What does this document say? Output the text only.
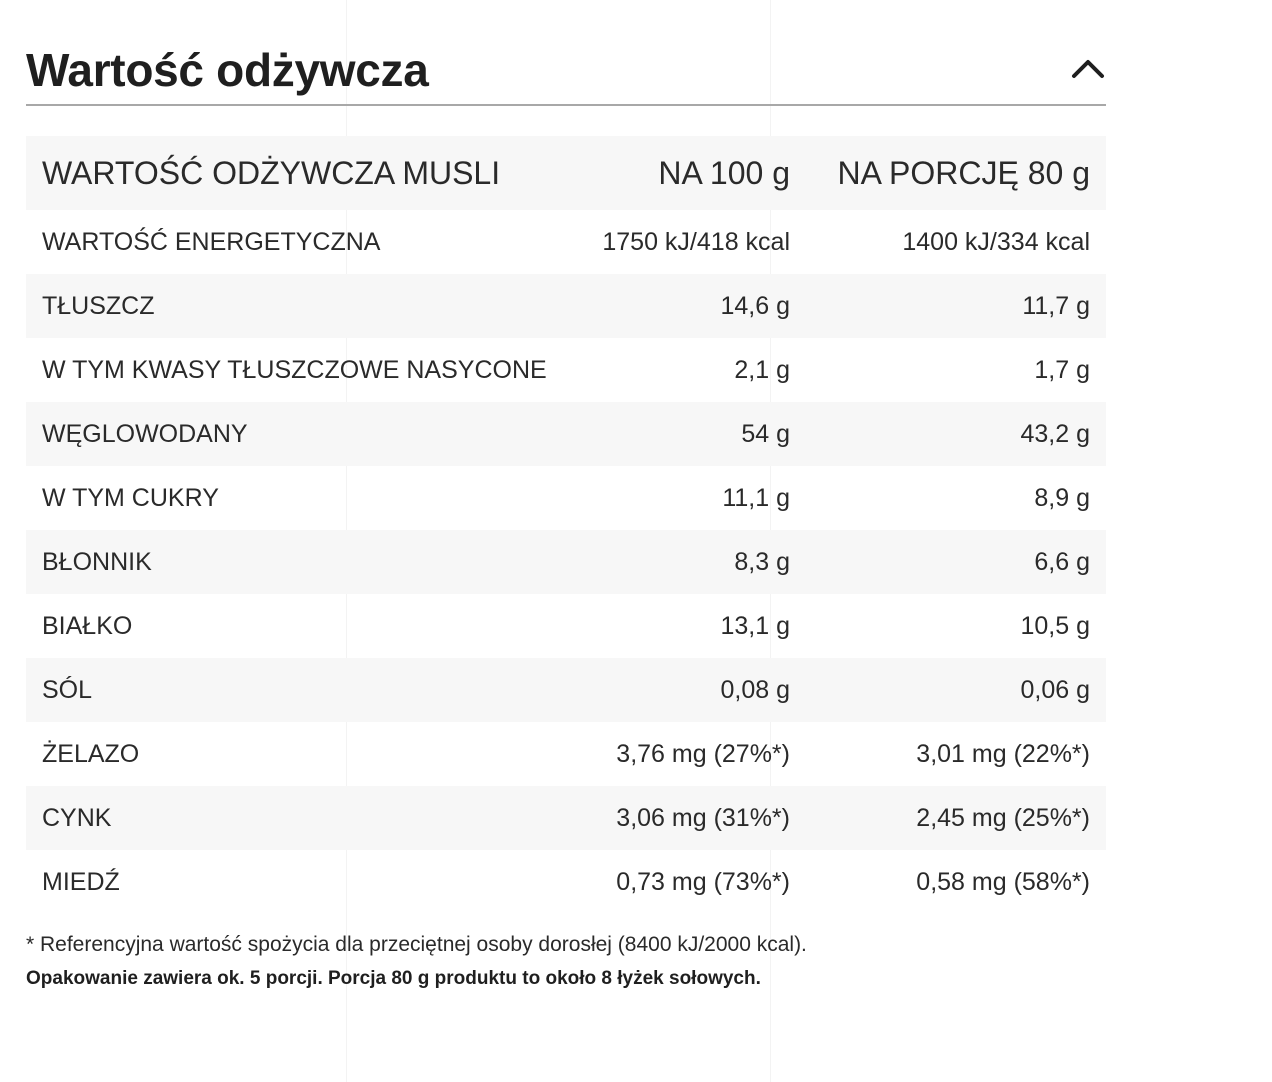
Wartość odżywcza
WARTOŚĆ ODŻYWCZA MUSLI	NA 100 g	NA PORCJĘ 80 g
WARTOŚĆ ENERGETYCZNA	1750 kJ/418 kcal	1400 kJ/334 kcal
TŁUSZCZ	14,6 g	11,7 g
W TYM KWASY TŁUSZCZOWE NASYCONE	2,1 g	1,7 g
WĘGLOWODANY	54 g	43,2 g
W TYM CUKRY	11,1 g	8,9 g
BŁONNIK	8,3 g	6,6 g
BIAŁKO	13,1 g	10,5 g
SÓL	0,08 g	0,06 g
ŻELAZO	3,76 mg (27%*)	3,01 mg (22%*)
CYNK	3,06 mg (31%*)	2,45 mg (25%*)
MIEDŹ	0,73 mg (73%*)	0,58 mg (58%*)
* Referencyjna wartość spożycia dla przeciętnej osoby dorosłej (8400 kJ/2000 kcal).
Opakowanie zawiera ok. 5 porcji. Porcja 80 g produktu to około 8 łyżek sołowych.
